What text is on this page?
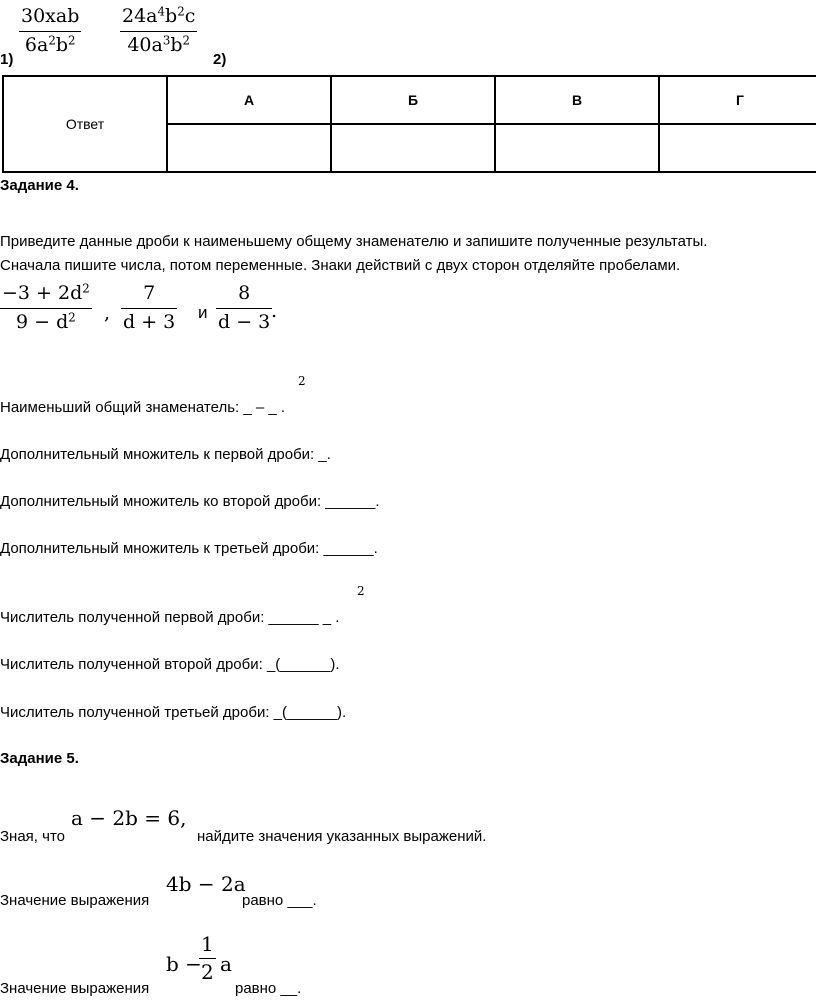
30xab
$6a^2b^2$
1)
$24a^4b^2c$
$40a^3b^2$
2)
Ответ	А	Б	В	Г

Задание 4.
Приведите данные дроби к наименьшему общему знаменателю и запишите полученные результаты.
Сначала пишите числа, потом переменные. Знаки действий с двух сторон отделяйте пробелами.
$-3 + 2d^2$
$9 - d^2$ ,
7
d + 3 и
8
d − 3 .
2
Наименьший общий знаменатель: _ – _ .
Дополнительный множитель к первой дроби: _.
Дополнительный множитель ко второй дроби: ______.
Дополнительный множитель к третьей дроби: ______.
2
Числитель полученной первой дроби: ______ _ .
Числитель полученной второй дроби: _(______).
Числитель полученной третьей дроби: _(______).
Задание 5.
Зная, что
a − 2b = 6,
найдите значения указанных выражений.
Значение выражения
4b − 2a
равно ___.
Значение выражения
b −
1
2 a
равно __.
